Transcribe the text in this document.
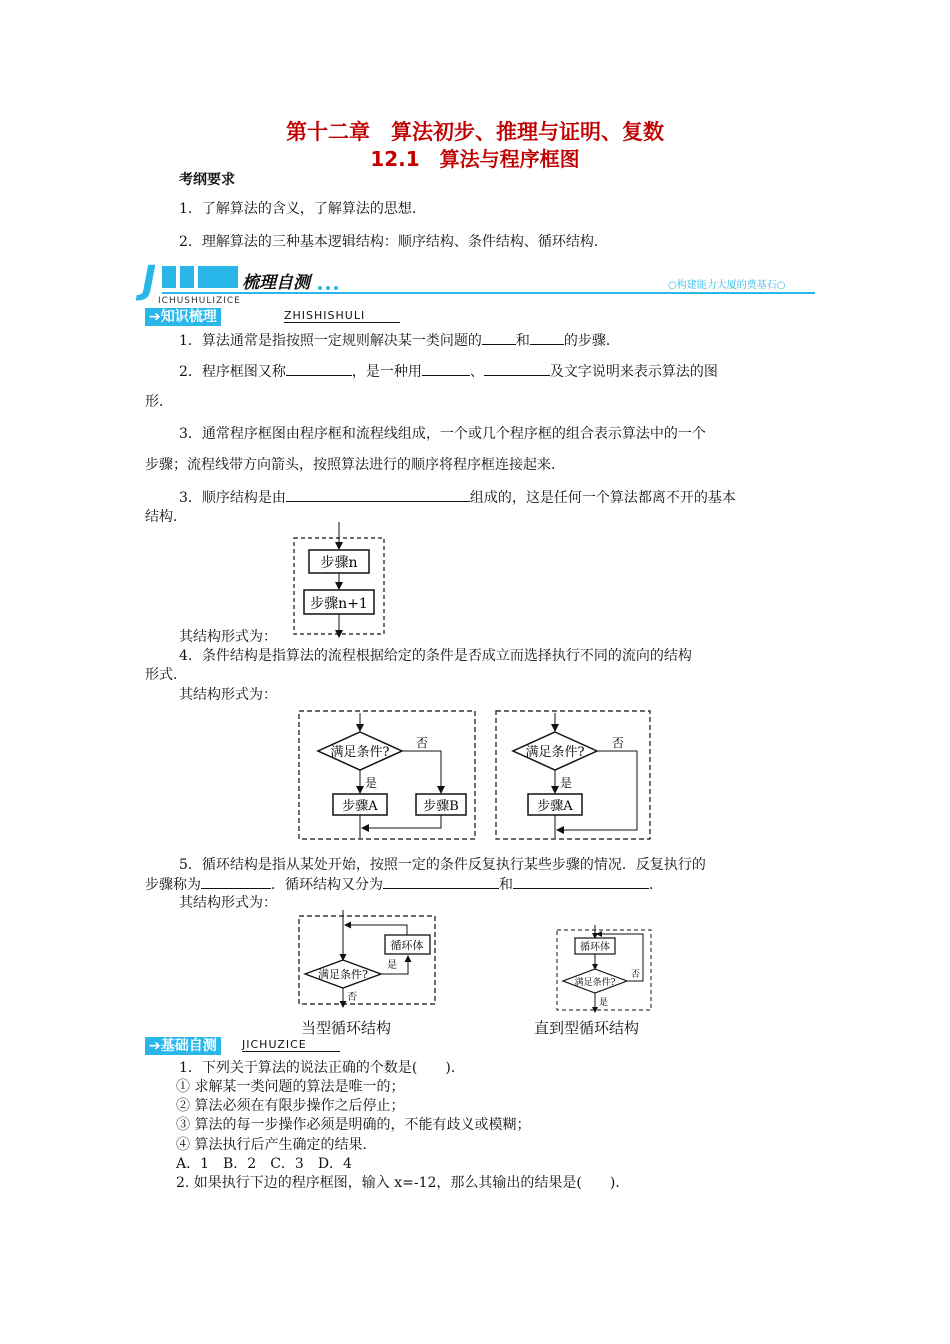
第十二章　算法初步、推理与证明、复数
12.1　算法与程序框图
考纲要求
1．了解算法的含义，了解算法的思想．
2．理解算法的三种基本逻辑结构：顺序结构、条件结构、循环结构．
J	梳理自测
ICHUSHULIZICE
○构建能力大厦的奠基石○
➔知识梳理	ZHISHISHULI
1．算法通常是指按照一定规则解决某一类问题的 和 的步骤．
2．程序框图又称	，是一种用	、	及文字说明来表示算法的图
形．
3．通常程序框图由程序框和流程线组成，一个或几个程序框的组合表示算法中的一个
步骤；流程线带方向箭头，按照算法进行的顺序将程序框连接起来．
3．顺序结构是由	组成的，这是任何一个算法都离不开的基本
结构．
步骤n
步骤n+1
其结构形式为：
4．条件结构是指算法的流程根据给定的条件是否成立而选择执行不同的流向的结构
形式．
其结构形式为：
满足条件?
否
是
步骤A	步骤B
满足条件?
否
是
步骤A
5．循环结构是指从某处开始，按照一定的条件反复执行某些步骤的情况．反复执行的
步骤称为	．循环结构又分为	和	．
其结构形式为：
满足条件?
是
循环体
否
循环体
满足条件?
否
是
当型循环结构	直到型循环结构
➔基础自测	JICHUZICE
1．下列关于算法的说法正确的个数是(　　)．
① 求解某一类问题的算法是唯一的；
② 算法必须在有限步操作之后停止；
③ 算法的每一步操作必须是明确的，不能有歧义或模糊；
④ 算法执行后产生确定的结果．
A．1　B．2　C．3　D．4
2. 如果执行下边的程序框图，输入 x=-12，那么其输出的结果是(　　)．
